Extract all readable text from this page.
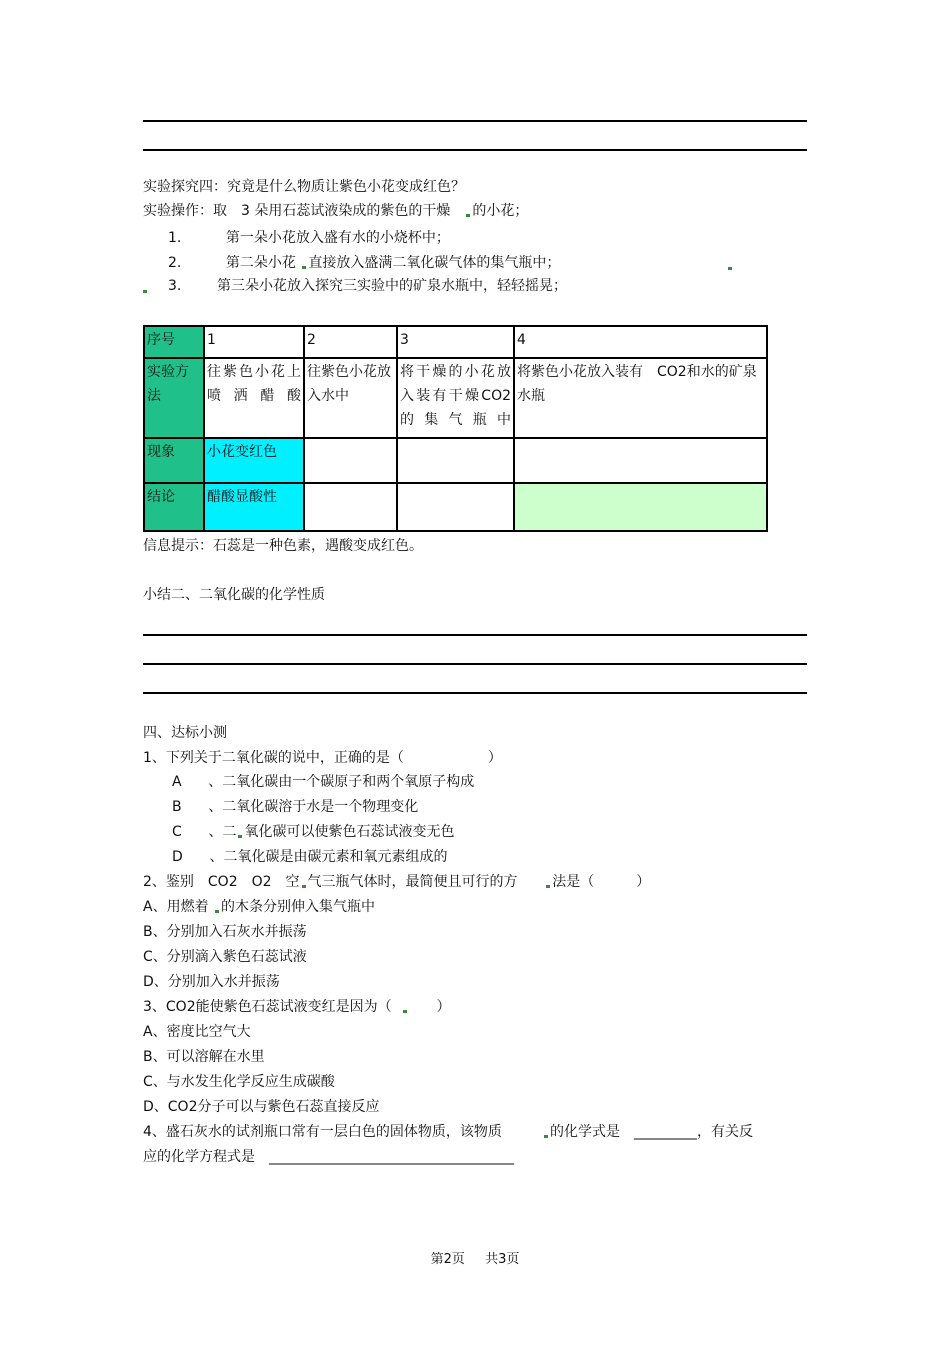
实验探究四：究竟是什么物质让紫色小花变成红色？
实验操作：取　3 朵用石蕊试液染成的紫色的干燥　 的小花；
1.	第一朵小花放入盛有水的小烧杯中；
2.	第二朵小花 直接放入盛满二氧化碳气体的集气瓶中；
3.	第三朵小花放入探究三实验中的矿泉水瓶中，轻轻摇晃；
序号	1	2	3	4
实验方法	往紫色小花上喷洒醋酸	往紫色小花放入水中	将干燥的小花放入装有干燥CO2的集气瓶中	将紫色小花放入装有　CO2和水的矿泉水瓶
现象	小花变红色			
结论	醋酸显酸性			
信息提示：石蕊是一种色素，遇酸变成红色。
小结二、二氧化碳的化学性质
四、达标小测
1、下列关于二氧化碳的说中，正确的是（　　　　　　）
A 、二氧化碳由一个碳原子和两个氧原子构成
B 、二氧化碳溶于水是一个物理变化
C 、二 氧化碳可以使紫色石蕊试液变无色
D 、二氧化碳是由碳元素和氧元素组成的
2、鉴别　CO2　O2　空 气三瓶气体时，最简便且可行的方 法是（　　　）
A、用燃着 的木条分别伸入集气瓶中
B、分别加入石灰水并振荡
C、分别滴入紫色石蕊试液
D、分别加入水并振荡
3、CO2能使紫色石蕊试液变红是因为（  　　）
A、密度比空气大
B、可以溶解在水里
C、与水发生化学反应生成碳酸
D、CO2分子可以与紫色石蕊直接反应
4、盛石灰水的试剂瓶口常有一层白色的固体物质，该物质	的化学式是　_________，有关反
应的化学方程式是　___________________________________
第2页 共3页
